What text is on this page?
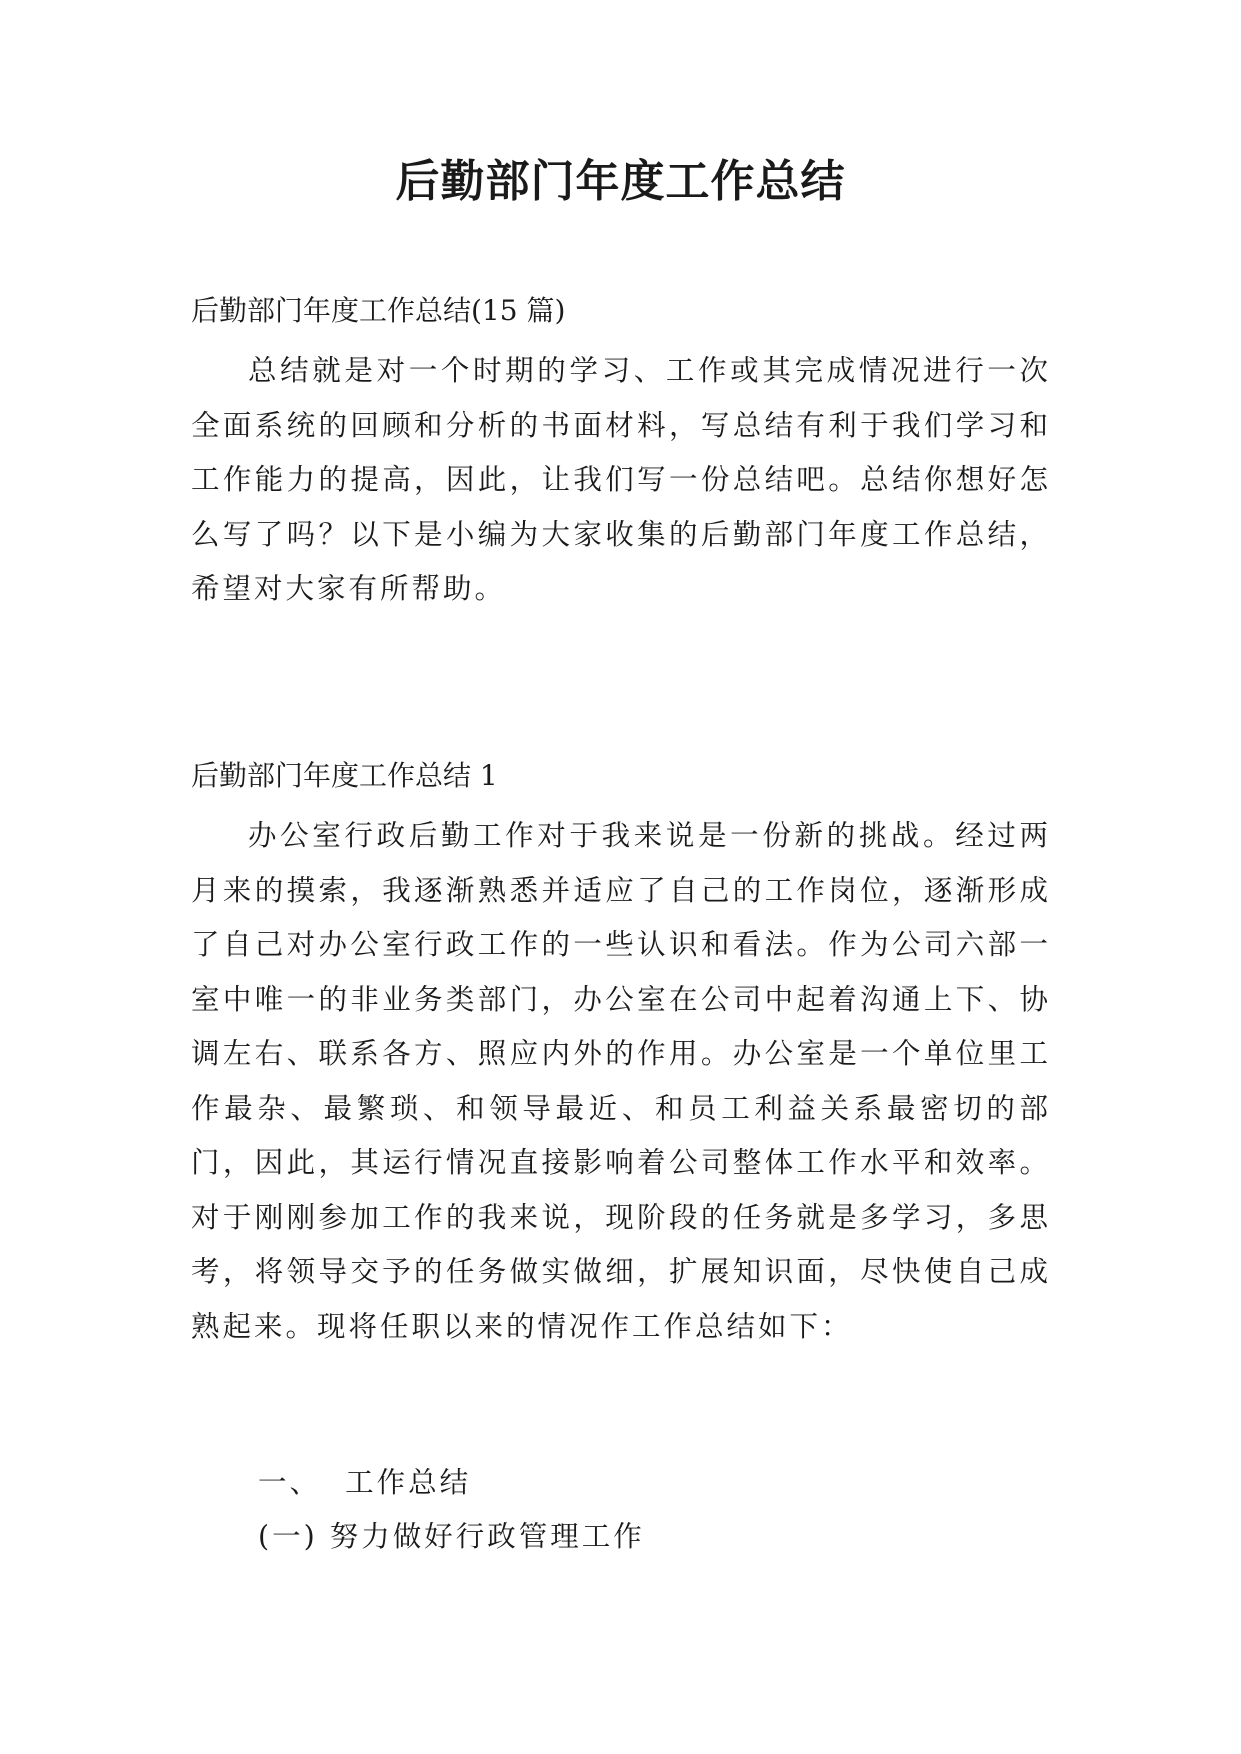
后勤部门年度工作总结
后勤部门年度工作总结(15 篇)
总结就是对一个时期的学习、工作或其完成情况进行一次全面系统的回顾和分析的书面材料，写总结有利于我们学习和工作能力的提高，因此，让我们写一份总结吧。总结你想好怎么写了吗？以下是小编为大家收集的后勤部门年度工作总结，希望对大家有所帮助。
后勤部门年度工作总结 1
办公室行政后勤工作对于我来说是一份新的挑战。经过两月来的摸索，我逐渐熟悉并适应了自己的工作岗位，逐渐形成了自己对办公室行政工作的一些认识和看法。作为公司六部一室中唯一的非业务类部门，办公室在公司中起着沟通上下、协调左右、联系各方、照应内外的作用。办公室是一个单位里工作最杂、最繁琐、和领导最近、和员工利益关系最密切的部门，因此，其运行情况直接影响着公司整体工作水平和效率。对于刚刚参加工作的我来说，现阶段的任务就是多学习，多思考，将领导交予的任务做实做细，扩展知识面，尽快使自己成熟起来。现将任职以来的情况作工作总结如下：
一、  工作总结
(一) 努力做好行政管理工作
